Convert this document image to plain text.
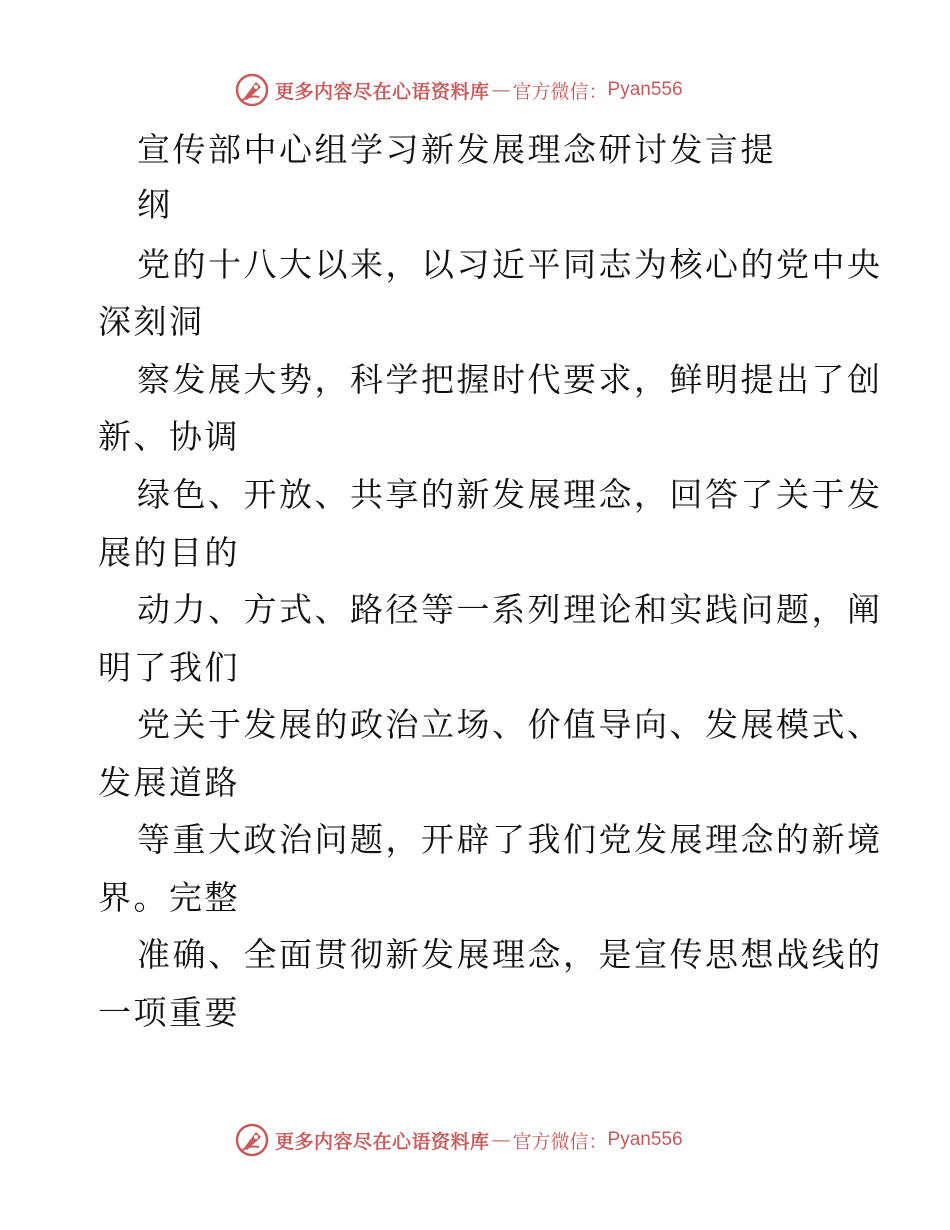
更多内容尽在心语资料库 — 官方微信： Pyan556
宣传部中心组学习新发展理念研讨发言提
纲
党的十八大以来，以习近平同志为核心的党中央
深刻洞
察发展大势，科学把握时代要求，鲜明提出了创
新、协调
绿色、开放、共享的新发展理念，回答了关于发
展的目的
动力、方式、路径等一系列理论和实践问题，阐
明了我们
党关于发展的政治立场、价值导向、发展模式、
发展道路
等重大政治问题，开辟了我们党发展理念的新境
界。完整
准确、全面贯彻新发展理念，是宣传思想战线的
一项重要
更多内容尽在心语资料库 — 官方微信： Pyan556
